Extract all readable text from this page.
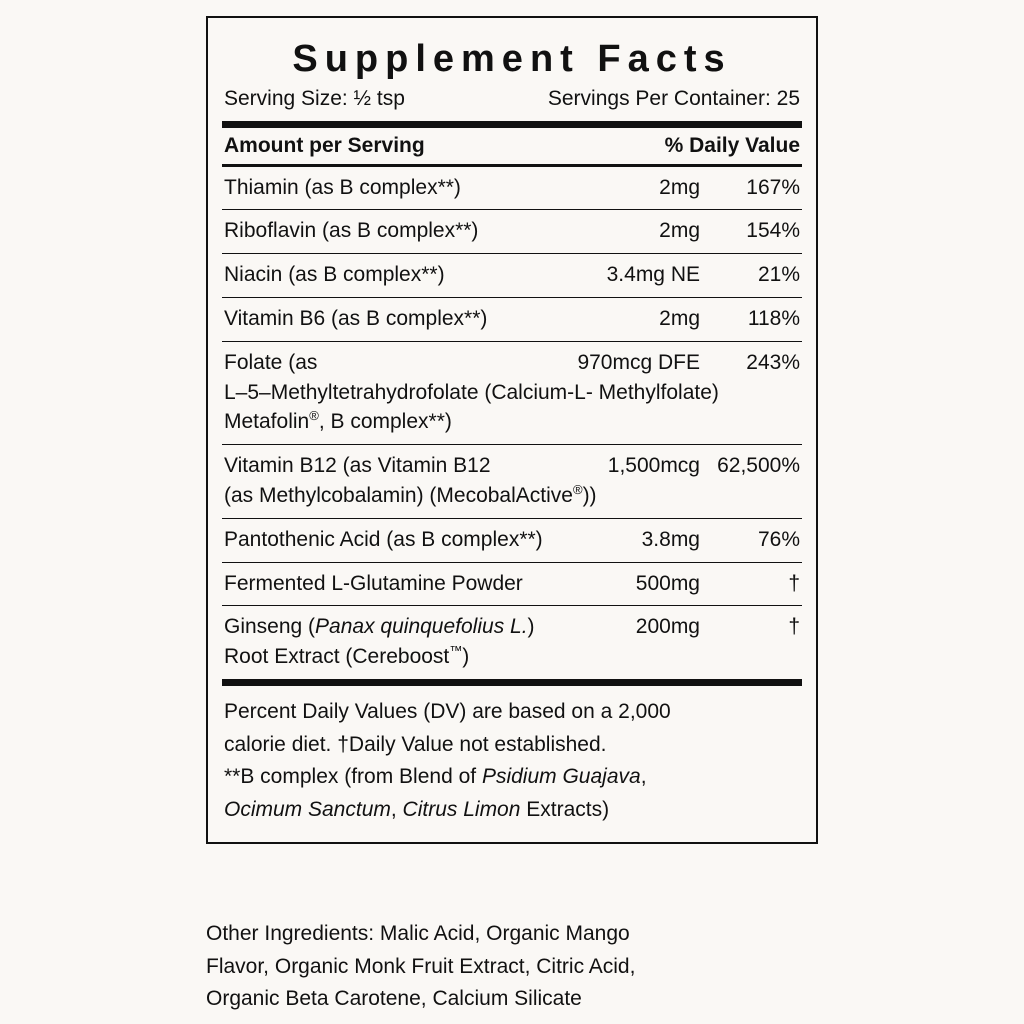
Supplement Facts
Serving Size: ½ tsp	Servings Per Container: 25
Amount per Serving	% Daily Value
Thiamin (as B complex**)	2mg	167%
Riboflavin (as B complex**)	2mg	154%
Niacin (as B complex**)	3.4mg NE	21%
Vitamin B6 (as B complex**)	2mg	118%
Folate (as	970mcg DFE	243%
L–5–Methyltetrahydrofolate (Calcium-L- Methylfolate)
Metafolin®, B complex**)
Vitamin B12 (as Vitamin B12	1,500mcg 62,500%
(as Methylcobalamin) (MecobalActive®))
Pantothenic Acid (as B complex**)	3.8mg	76%
Fermented L-Glutamine Powder	500mg	†
Ginseng (Panax quinquefolius L.)	200mg	†
Root Extract (Cereboost™)

Percent Daily Values (DV) are based on a 2,000

calorie diet. †Daily Value not established.

**B complex (from Blend of Psidium Guajava,

Ocimum Sanctum, Citrus Limon Extracts)

Other Ingredients: Malic Acid, Organic Mango
Flavor, Organic Monk Fruit Extract, Citric Acid,
Organic Beta Carotene, Calcium Silicate
